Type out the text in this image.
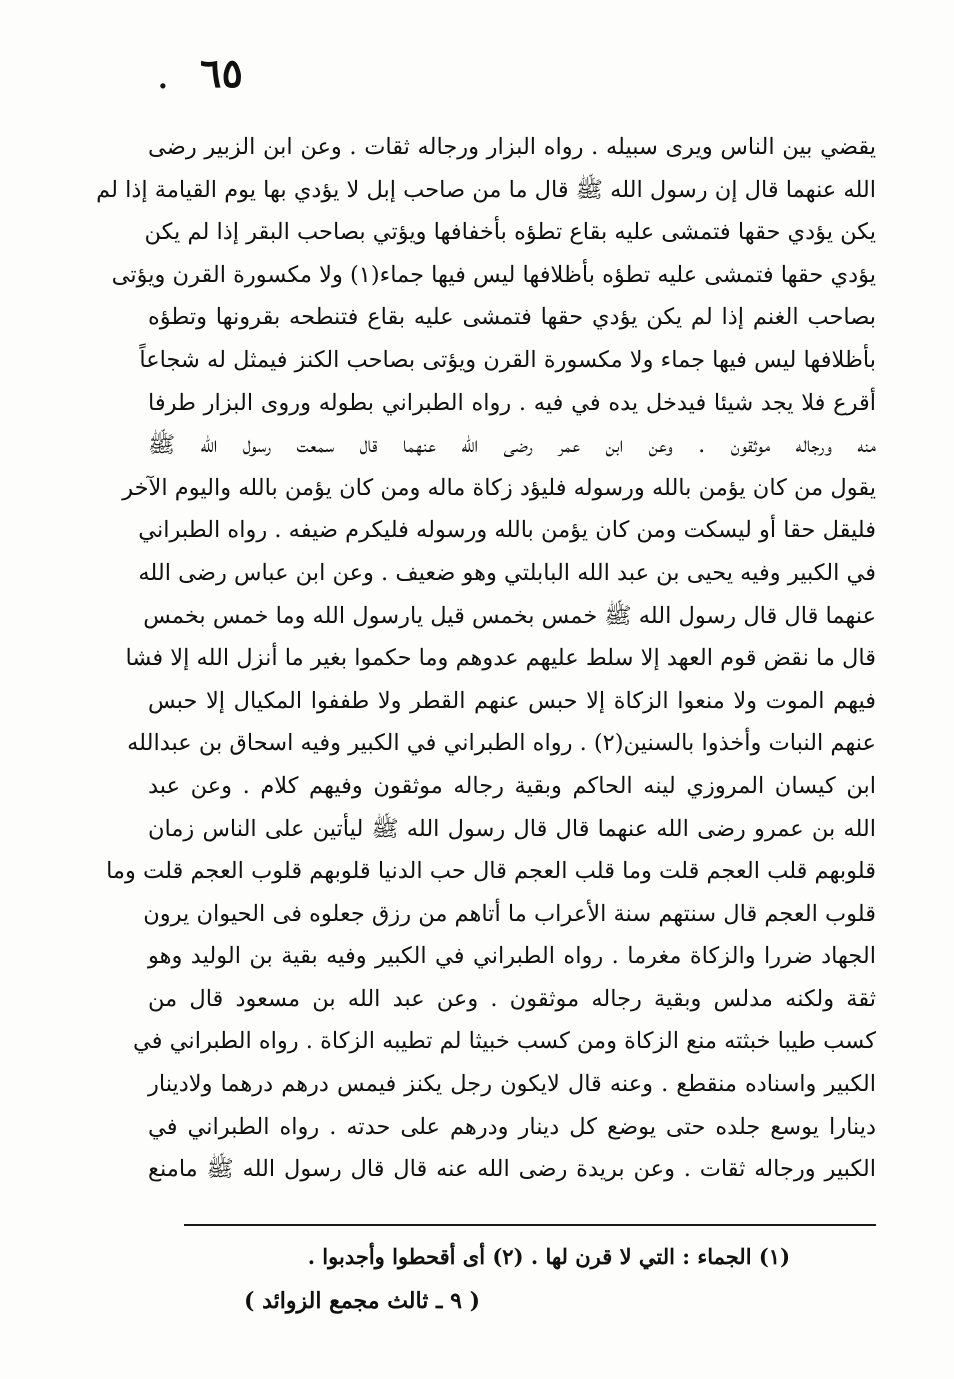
٦٥
.
يقضي بين الناس ويرى سبيله . رواه البزار ورجاله ثقات . وعن ابن الزبير رضى
الله عنهما قال إن رسول الله ﷺ قال ما من صاحب إبل لا يؤدي بها يوم القيامة إذا لم
يكن يؤدي حقها فتمشى عليه بقاع تطؤه بأخفافها ويؤتي بصاحب البقر إذا لم يكن
يؤدي حقها فتمشى عليه تطؤه بأظلافها ليس فيها جماء(١) ولا مكسورة القرن ويؤتى
بصاحب الغنم إذا لم يكن يؤدي حقها فتمشى عليه بقاع فتنطحه بقرونها وتطؤه
بأظلافها ليس فيها جماء ولا مكسورة القرن ويؤتى بصاحب الكنز فيمثل له شجاعاً
أقرع فلا يجد شيئا فيدخل يده في فيه . رواه الطبراني بطوله وروى البزار طرفا
منه ورجاله موثقون . وعن ابن عمر رضى الله عنهما قال سمعت رسول الله ﷺ
يقول من كان يؤمن بالله ورسوله فليؤد زكاة ماله ومن كان يؤمن بالله واليوم الآخر
فليقل حقا أو ليسكت ومن كان يؤمن بالله ورسوله فليكرم ضيفه . رواه الطبراني
في الكبير وفيه يحيى بن عبد الله البابلتي وهو ضعيف . وعن ابن عباس رضى الله
عنهما قال قال رسول الله ﷺ خمس بخمس قيل يارسول الله وما خمس بخمس
قال ما نقض قوم العهد إلا سلط عليهم عدوهم وما حكموا بغير ما أنزل الله إلا فشا
فيهم الموت ولا منعوا الزكاة إلا حبس عنهم القطر ولا طففوا المكيال إلا حبس
عنهم النبات وأخذوا بالسنين(٢) . رواه الطبراني في الكبير وفيه اسحاق بن عبدالله
ابن كيسان المروزي لينه الحاكم وبقية رجاله موثقون وفيهم كلام . وعن عبد
الله بن عمرو رضى الله عنهما قال قال رسول الله ﷺ ليأتين على الناس زمان
قلوبهم قلب العجم قلت وما قلب العجم قال حب الدنيا قلوبهم قلوب العجم قلت وما
قلوب العجم قال سنتهم سنة الأعراب ما أتاهم من رزق جعلوه فى الحيوان يرون
الجهاد ضررا والزكاة مغرما . رواه الطبراني في الكبير وفيه بقية بن الوليد وهو
ثقة ولكنه مدلس وبقية رجاله موثقون . وعن عبد الله بن مسعود قال من
كسب طيبا خبثته منع الزكاة ومن كسب خبيثا لم تطيبه الزكاة . رواه الطبراني في
الكبير واسناده منقطع . وعنه قال لايكون رجل يكنز فيمس درهم درهما ولادينار
دينارا يوسع جلده حتى يوضع كل دينار ودرهم على حدته . رواه الطبراني في
الكبير ورجاله ثقات . وعن بريدة رضى الله عنه قال قال رسول الله ﷺ مامنع
(١) الجماء : التي لا قرن لها . (٢) أى أقحطوا وأجدبوا .
( ٩ ـ ثالث مجمع الزوائد )
